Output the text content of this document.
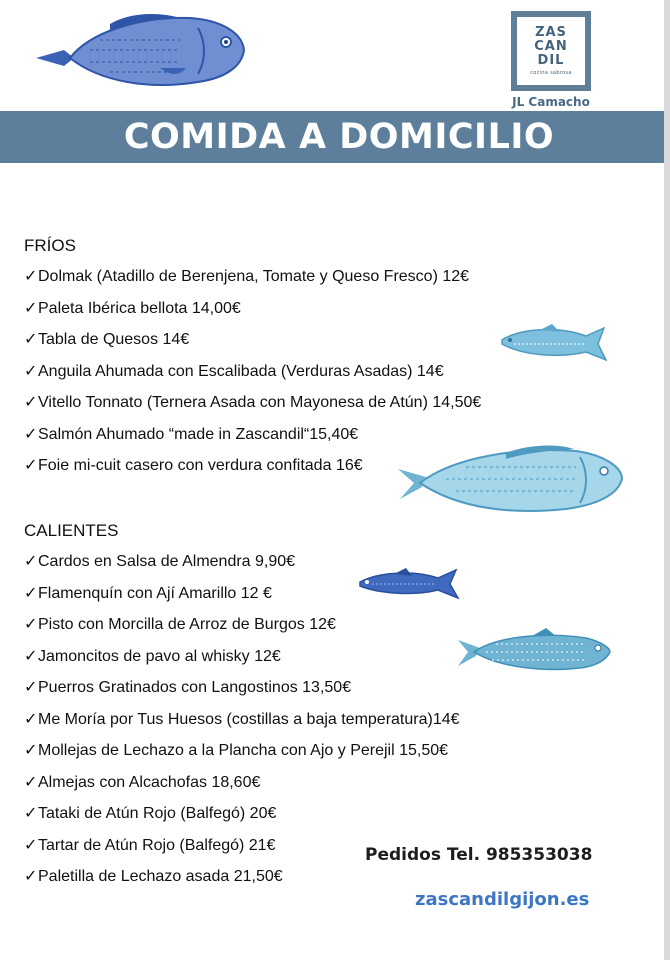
ZAS
CAN
DIL
cocina sabrosa
JL Camacho
COMIDA A DOMICILIO
FRÍOS
✓Dolmak (Atadillo de Berenjena, Tomate y Queso Fresco) 12€
✓Paleta Ibérica bellota 14,00€
✓Tabla de Quesos 14€
✓Anguila Ahumada con Escalibada (Verduras Asadas) 14€
✓Vitello Tonnato (Ternera Asada con Mayonesa de Atún) 14,50€
✓Salmón Ahumado “made in Zascandil“15,40€
✓Foie mi-cuit casero con verdura confitada 16€
CALIENTES
✓Cardos en Salsa de Almendra 9,90€
✓Flamenquín con Ají Amarillo 12 €
✓Pisto con Morcilla de Arroz de Burgos 12€
✓Jamoncitos de pavo al whisky 12€
✓Puerros Gratinados con Langostinos 13,50€
✓Me Moría por Tus Huesos (costillas a baja temperatura)14€
✓Mollejas de Lechazo a la Plancha con Ajo y Perejil 15,50€
✓Almejas con Alcachofas 18,60€
✓Tataki de Atún Rojo (Balfegó) 20€
✓Tartar de Atún Rojo (Balfegó) 21€
✓Paletilla de Lechazo asada 21,50€
Pedidos Tel. 985353038
zascandilgijon.es
